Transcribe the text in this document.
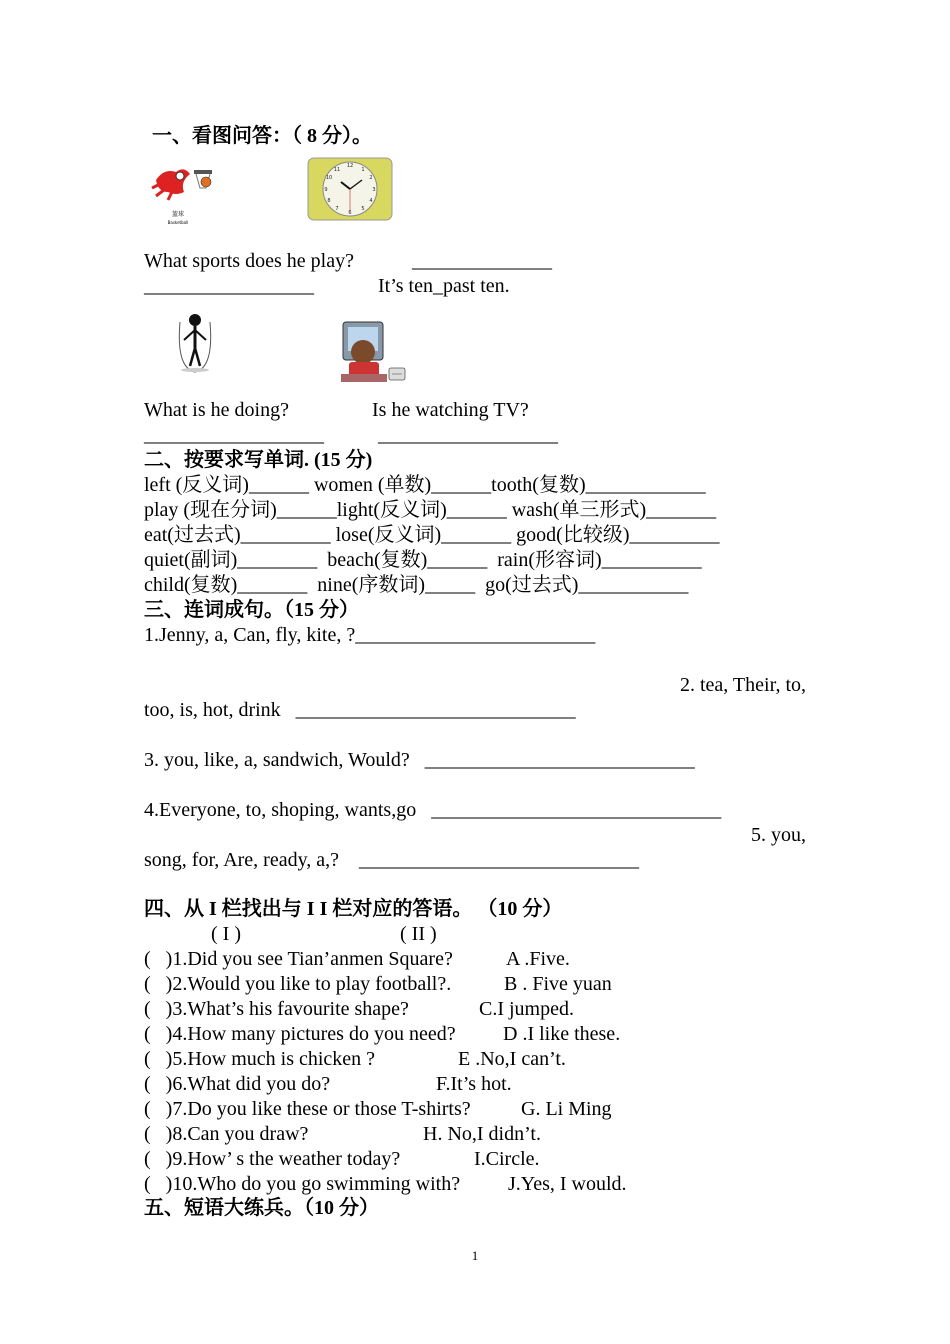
一、看图问答：（ 8 分）。
篮球
Basketball
12
1
2
3
4
5
6
7
8
9
10
11
What sports does he play?	______________
_________________	It’s ten_past ten.
What is he doing?	Is he watching TV?
__________________	__________________
二、按要求写单词. (15 分)
left (反义词)______ women (单数)______tooth(复数)____________
play (现在分词)______light(反义词)______ wash(单三形式)_______
eat(过去式)_________ lose(反义词)_______ good(比较级)_________
quiet(副词)________  beach(复数)______  rain(形容词)__________
child(复数)_______  nine(序数词)_____  go(过去式)___________
三、连词成句。（15 分）
1.Jenny, a, Can, fly, kite, ?________________________
2. tea, Their, to,
too, is, hot, drink   ____________________________
3. you, like, a, sandwich, Would?   ___________________________
4.Everyone, to, shoping, wants,go   _____________________________
5. you,
song, for, Are, ready, a,?    ____________________________
四、从 I 栏找出与 I I 栏对应的答语。 （10 分）
( I )	( II )
(   )1.Did you see Tian’anmen Square?	A .Five.
(   )2.Would you like to play football?.	B . Five yuan
(   )3.What’s his favourite shape?	C.I jumped.
(   )4.How many pictures do you need? D .I like these.
(   )5.How much is chicken ?	E .No,I can’t.
(   )6.What did you do?	F.It’s hot.
(   )7.Do you like these or those T-shirts?	G. Li Ming
(   )8.Can you draw?	H. No,I didn’t.
(   )9.How’ s the weather today?	I.Circle.
(   )10.Who do you go swimming with? J.Yes, I would.
五、短语大练兵。（10 分）
1
